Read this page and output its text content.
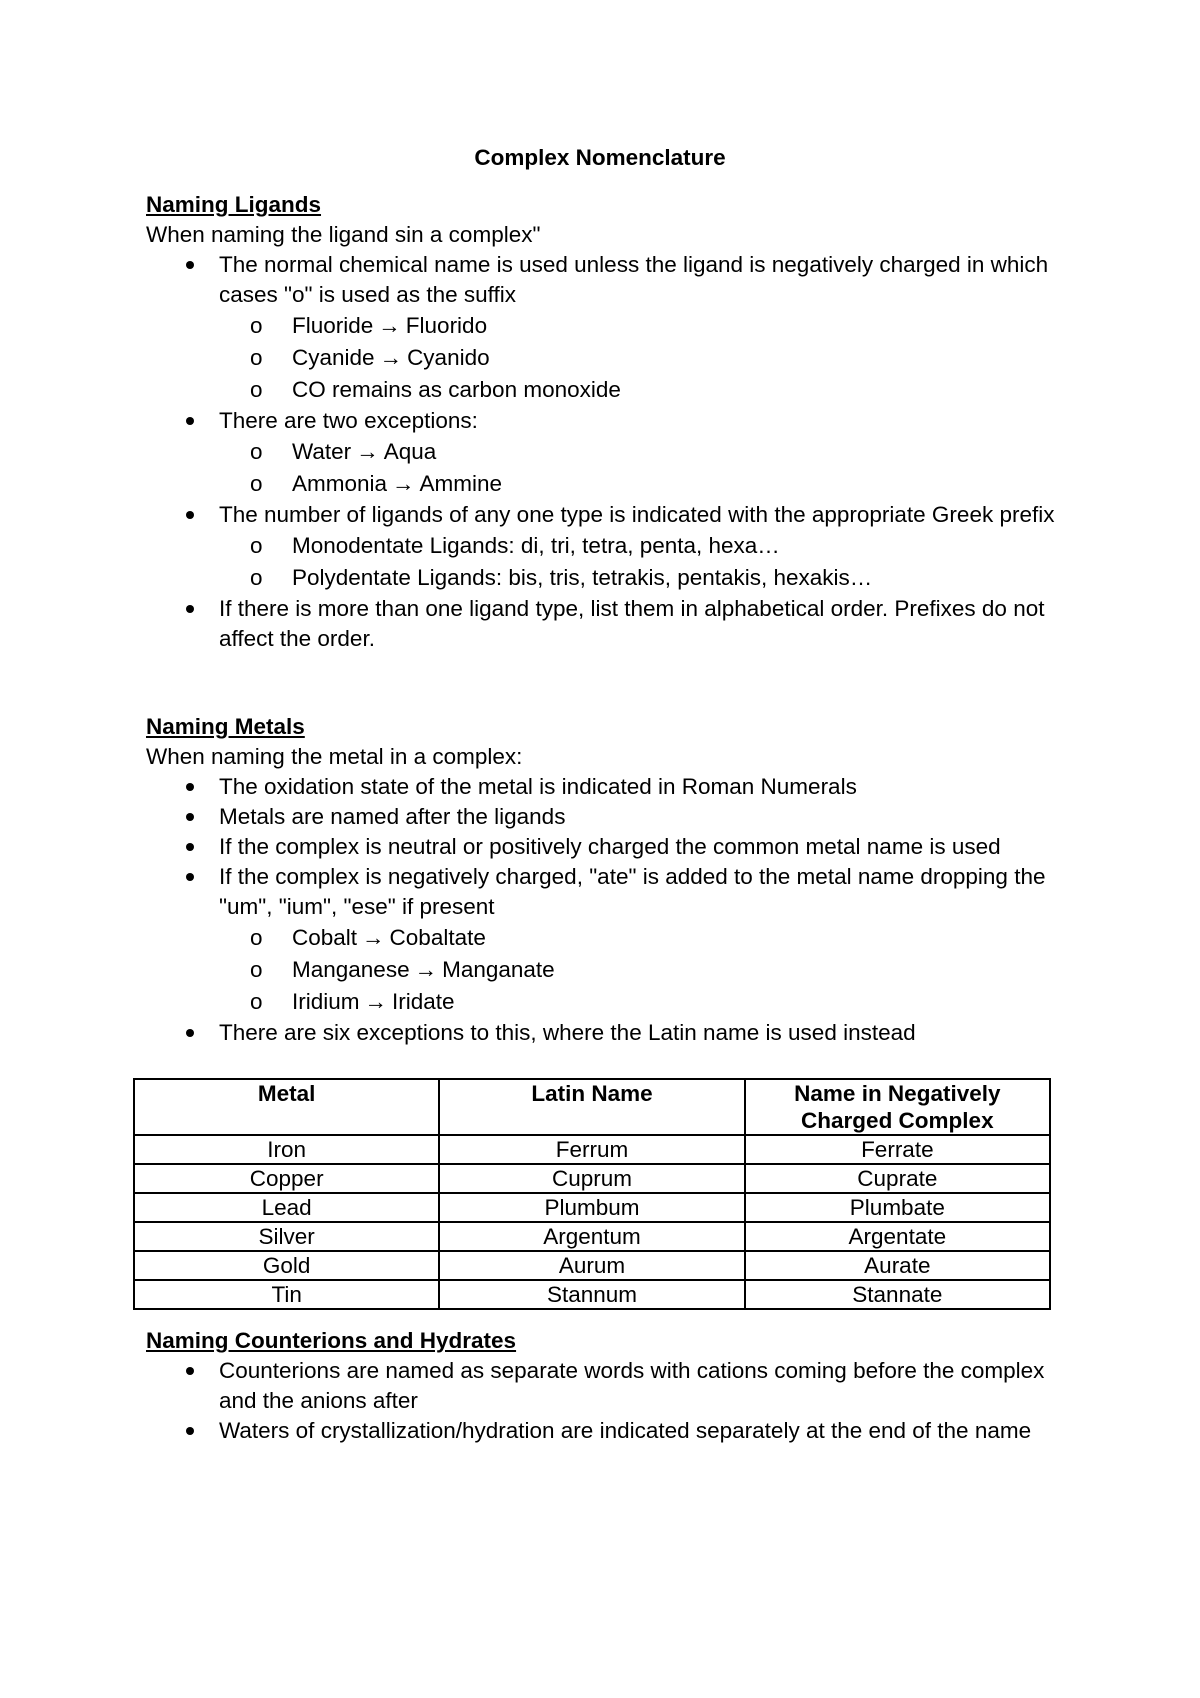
Complex Nomenclature
Naming Ligands
When naming the ligand sin a complex"
The normal chemical name is used unless the ligand is negatively charged in which cases "o" is used as the suffix
o Fluoride → Fluorido
o Cyanide → Cyanido
o CO remains as carbon monoxide
There are two exceptions:
o Water → Aqua
o Ammonia → Ammine
The number of ligands of any one type is indicated with the appropriate Greek prefix
o Monodentate Ligands: di, tri, tetra, penta, hexa…
o Polydentate Ligands: bis, tris, tetrakis, pentakis, hexakis…
If there is more than one ligand type, list them in alphabetical order. Prefixes do not affect the order.
Naming Metals
When naming the metal in a complex:
The oxidation state of the metal is indicated in Roman Numerals
Metals are named after the ligands
If the complex is neutral or positively charged the common metal name is used
If the complex is negatively charged, "ate" is added to the metal name dropping the "um", "ium", "ese" if present
o Cobalt → Cobaltate
o Manganese → Manganate
o Iridium → Iridate
There are six exceptions to this, where the Latin name is used instead
Metal	Latin Name	Name in Negatively Charged Complex
Iron	Ferrum	Ferrate
Copper	Cuprum	Cuprate
Lead	Plumbum	Plumbate
Silver	Argentum	Argentate
Gold	Aurum	Aurate
Tin	Stannum	Stannate
Naming Counterions and Hydrates
Counterions are named as separate words with cations coming before the complex and the anions after
Waters of crystallization/hydration are indicated separately at the end of the name
